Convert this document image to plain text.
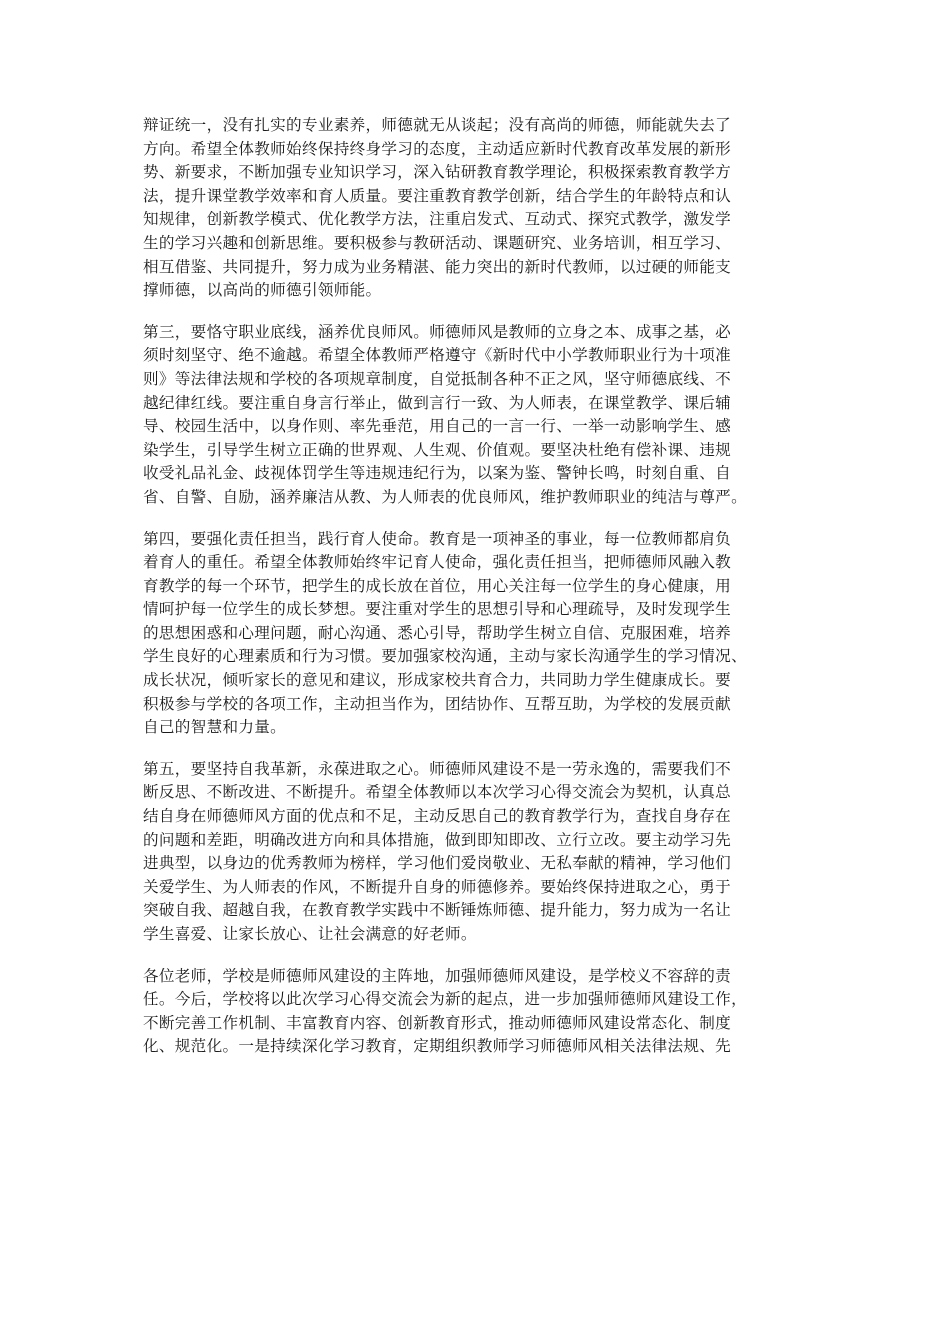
辩证统一，没有扎实的专业素养，师德就无从谈起；没有高尚的师德，师能就失去了
方向。希望全体教师始终保持终身学习的态度，主动适应新时代教育改革发展的新形
势、新要求，不断加强专业知识学习，深入钻研教育教学理论，积极探索教育教学方
法，提升课堂教学效率和育人质量。要注重教育教学创新，结合学生的年龄特点和认
知规律，创新教学模式、优化教学方法，注重启发式、互动式、探究式教学，激发学
生的学习兴趣和创新思维。要积极参与教研活动、课题研究、业务培训，相互学习、
相互借鉴、共同提升，努力成为业务精湛、能力突出的新时代教师，以过硬的师能支
撑师德，以高尚的师德引领师能。
第三，要恪守职业底线，涵养优良师风。师德师风是教师的立身之本、成事之基，必
须时刻坚守、绝不逾越。希望全体教师严格遵守《新时代中小学教师职业行为十项准
则》等法律法规和学校的各项规章制度，自觉抵制各种不正之风，坚守师德底线、不
越纪律红线。要注重自身言行举止，做到言行一致、为人师表，在课堂教学、课后辅
导、校园生活中，以身作则、率先垂范，用自己的一言一行、一举一动影响学生、感
染学生，引导学生树立正确的世界观、人生观、价值观。要坚决杜绝有偿补课、违规
收受礼品礼金、歧视体罚学生等违规违纪行为，以案为鉴、警钟长鸣，时刻自重、自
省、自警、自励，涵养廉洁从教、为人师表的优良师风，维护教师职业的纯洁与尊严。
第四，要强化责任担当，践行育人使命。教育是一项神圣的事业，每一位教师都肩负
着育人的重任。希望全体教师始终牢记育人使命，强化责任担当，把师德师风融入教
育教学的每一个环节，把学生的成长放在首位，用心关注每一位学生的身心健康，用
情呵护每一位学生的成长梦想。要注重对学生的思想引导和心理疏导，及时发现学生
的思想困惑和心理问题，耐心沟通、悉心引导，帮助学生树立自信、克服困难，培养
学生良好的心理素质和行为习惯。要加强家校沟通，主动与家长沟通学生的学习情况、
成长状况，倾听家长的意见和建议，形成家校共育合力，共同助力学生健康成长。要
积极参与学校的各项工作，主动担当作为，团结协作、互帮互助，为学校的发展贡献
自己的智慧和力量。
第五，要坚持自我革新，永葆进取之心。师德师风建设不是一劳永逸的，需要我们不
断反思、不断改进、不断提升。希望全体教师以本次学习心得交流会为契机，认真总
结自身在师德师风方面的优点和不足，主动反思自己的教育教学行为，查找自身存在
的问题和差距，明确改进方向和具体措施，做到即知即改、立行立改。要主动学习先
进典型，以身边的优秀教师为榜样，学习他们爱岗敬业、无私奉献的精神，学习他们
关爱学生、为人师表的作风，不断提升自身的师德修养。要始终保持进取之心，勇于
突破自我、超越自我，在教育教学实践中不断锤炼师德、提升能力，努力成为一名让
学生喜爱、让家长放心、让社会满意的好老师。
各位老师，学校是师德师风建设的主阵地，加强师德师风建设，是学校义不容辞的责
任。今后，学校将以此次学习心得交流会为新的起点，进一步加强师德师风建设工作，
不断完善工作机制、丰富教育内容、创新教育形式，推动师德师风建设常态化、制度
化、规范化。一是持续深化学习教育，定期组织教师学习师德师风相关法律法规、先
